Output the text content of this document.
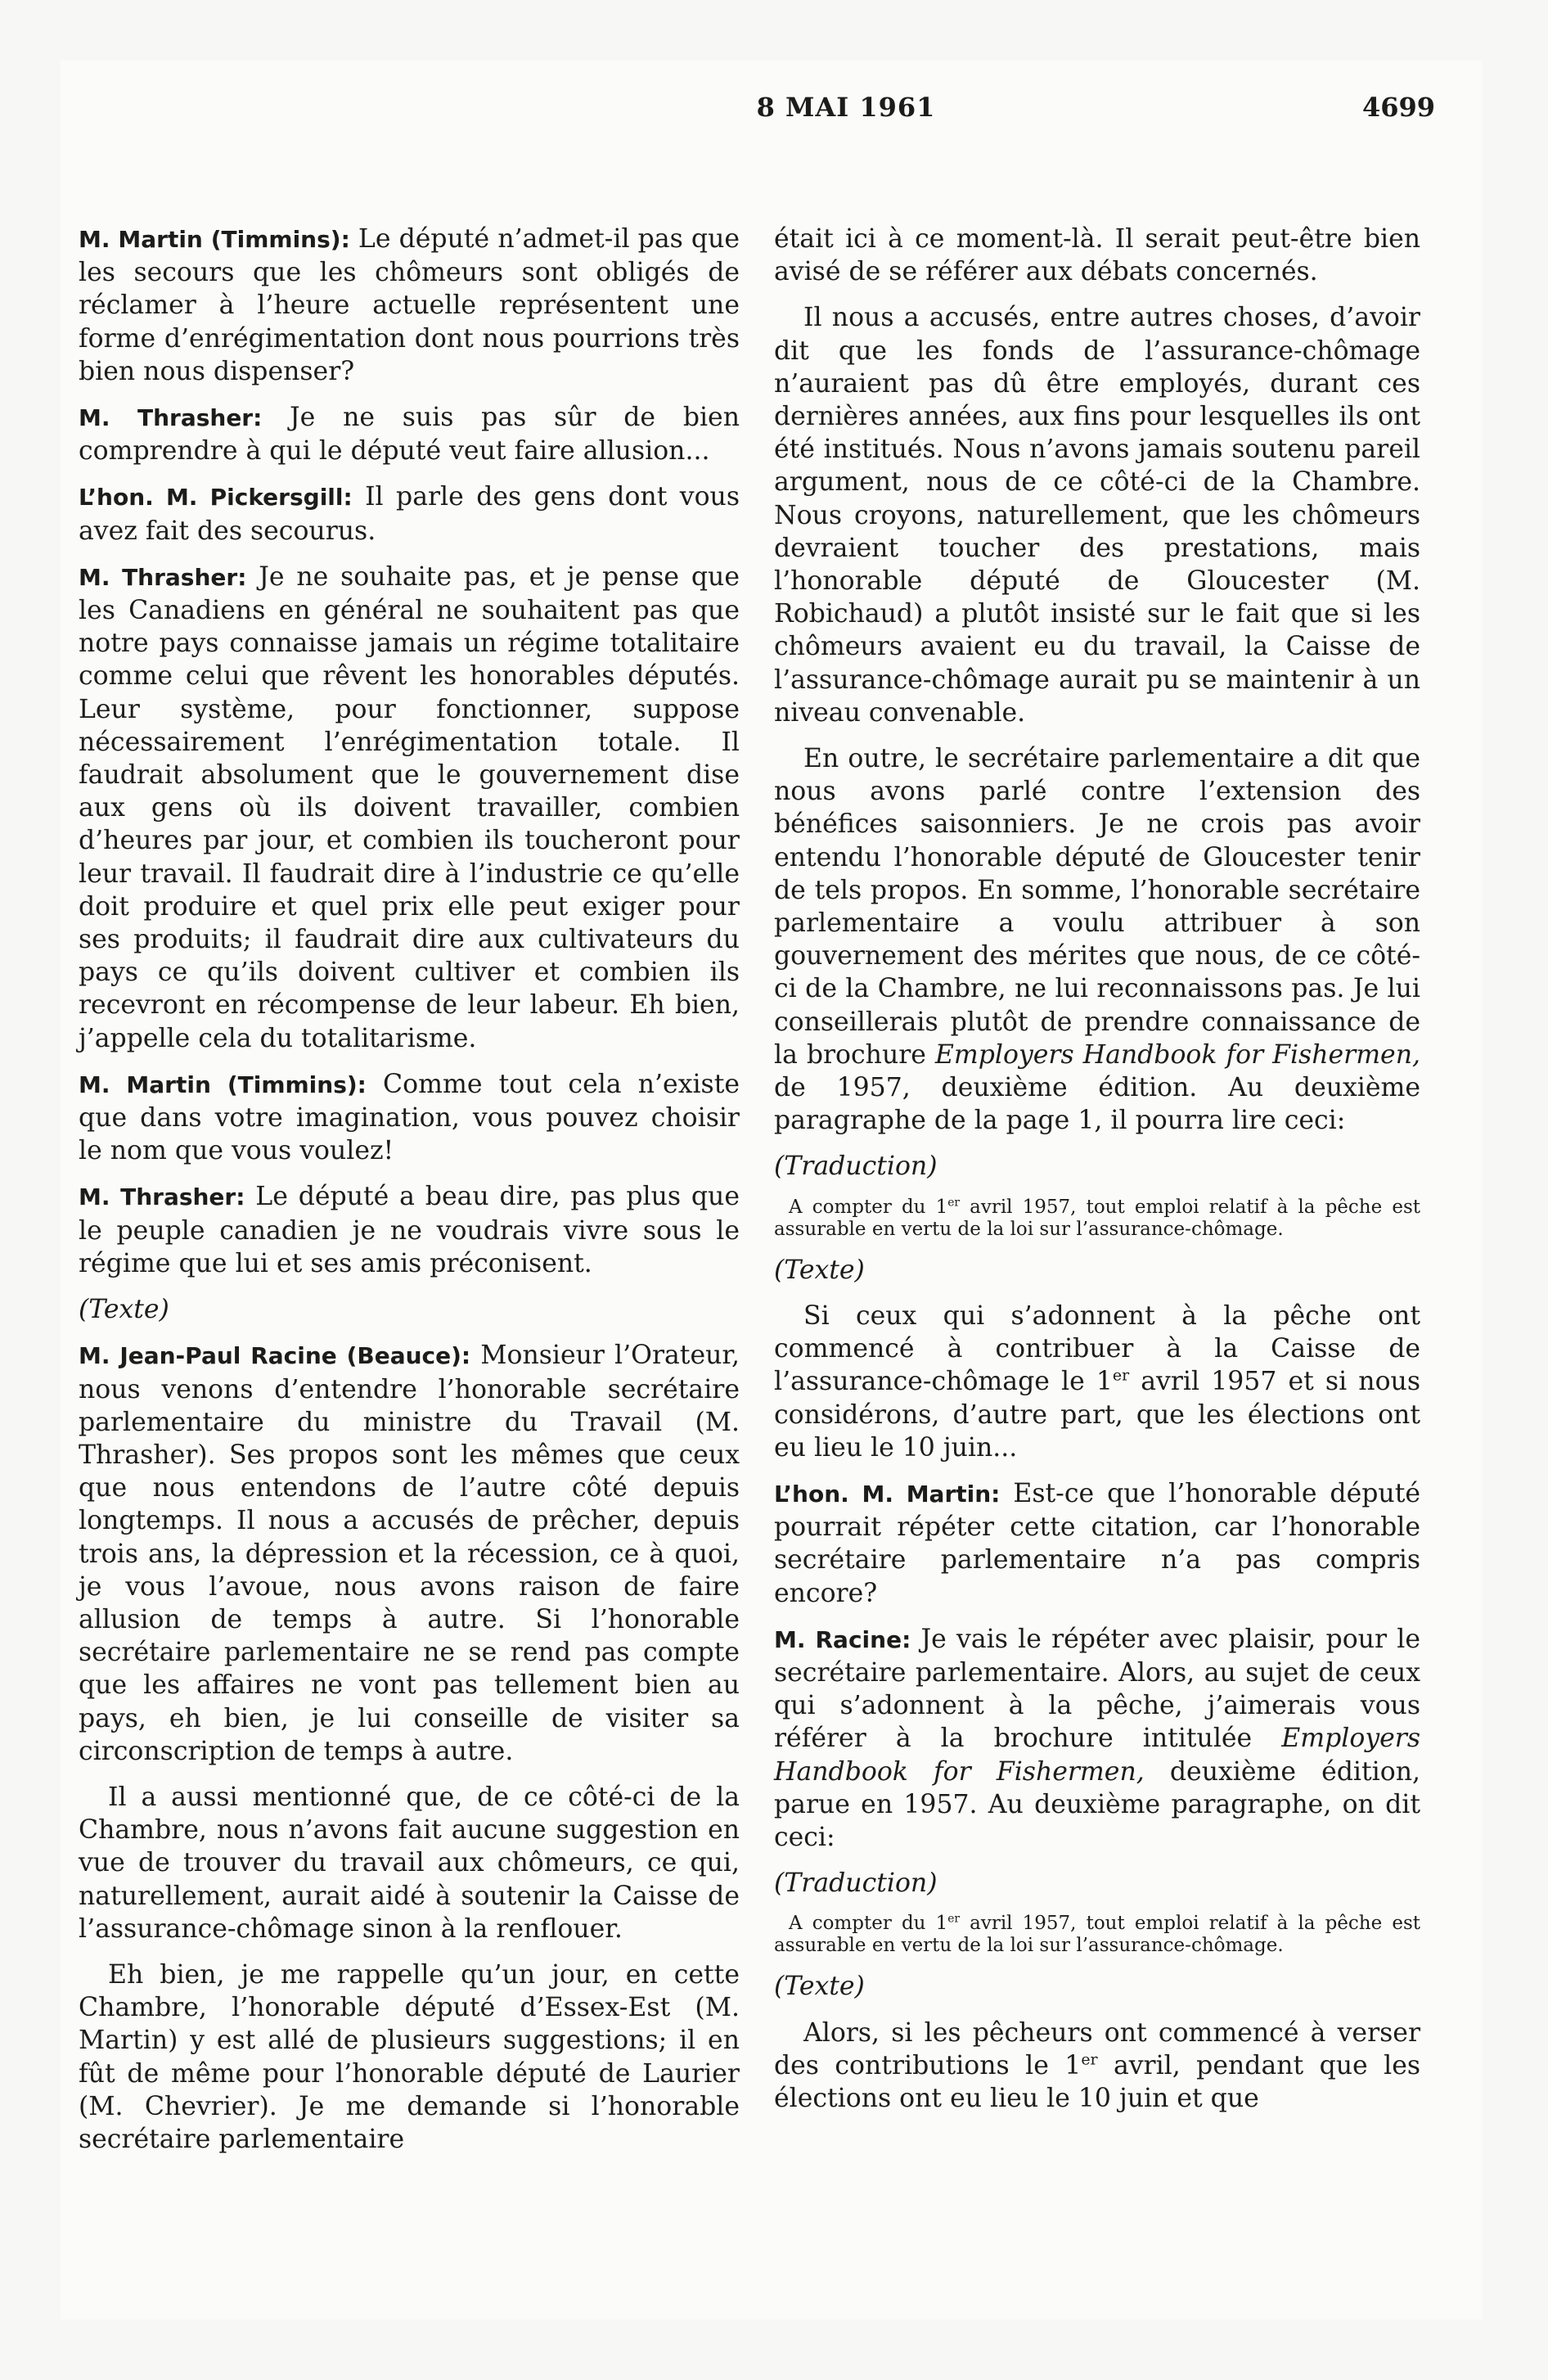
8 MAI 1961	4699

M. Martin (Timmins): Le député n’admet-il pas que les secours que les chômeurs sont obligés de réclamer à l’heure actuelle représentent une forme d’enrégimentation dont nous pourrions très bien nous dispenser?

M. Thrasher: Je ne suis pas sûr de bien comprendre à qui le député veut faire allusion...

L’hon. M. Pickersgill: Il parle des gens dont vous avez fait des secourus.

M. Thrasher: Je ne souhaite pas, et je pense que les Canadiens en général ne souhaitent pas que notre pays connaisse jamais un régime totalitaire comme celui que rêvent les honorables députés. Leur système, pour fonctionner, suppose nécessairement l’enrégimentation totale. Il faudrait absolument que le gouvernement dise aux gens où ils doivent travailler, combien d’heures par jour, et combien ils toucheront pour leur travail. Il faudrait dire à l’industrie ce qu’elle doit produire et quel prix elle peut exiger pour ses produits; il faudrait dire aux cultivateurs du pays ce qu’ils doivent cultiver et combien ils recevront en récompense de leur labeur. Eh bien, j’appelle cela du totalitarisme.

M. Martin (Timmins): Comme tout cela n’existe que dans votre imagination, vous pouvez choisir le nom que vous voulez!

M. Thrasher: Le député a beau dire, pas plus que le peuple canadien je ne voudrais vivre sous le régime que lui et ses amis préconisent.

(Texte)

M. Jean-Paul Racine (Beauce): Monsieur l’Orateur, nous venons d’entendre l’honorable secrétaire parlementaire du ministre du Travail (M. Thrasher). Ses propos sont les mêmes que ceux que nous entendons de l’autre côté depuis longtemps. Il nous a accusés de prêcher, depuis trois ans, la dépression et la récession, ce à quoi, je vous l’avoue, nous avons raison de faire allusion de temps à autre. Si l’honorable secrétaire parlementaire ne se rend pas compte que les affaires ne vont pas tellement bien au pays, eh bien, je lui conseille de visiter sa circonscription de temps à autre.

Il a aussi mentionné que, de ce côté-ci de la Chambre, nous n’avons fait aucune suggestion en vue de trouver du travail aux chômeurs, ce qui, naturellement, aurait aidé à soutenir la Caisse de l’assurance-chômage sinon à la renflouer.

Eh bien, je me rappelle qu’un jour, en cette Chambre, l’honorable député d’Essex-Est (M. Martin) y est allé de plusieurs suggestions; il en fût de même pour l’honorable député de Laurier (M. Chevrier). Je me demande si l’honorable secrétaire parlementaire

était ici à ce moment-là. Il serait peut-être bien avisé de se référer aux débats concernés.

Il nous a accusés, entre autres choses, d’avoir dit que les fonds de l’assurance-chômage n’auraient pas dû être employés, durant ces dernières années, aux fins pour lesquelles ils ont été institués. Nous n’avons jamais soutenu pareil argument, nous de ce côté-ci de la Chambre. Nous croyons, naturellement, que les chômeurs devraient toucher des prestations, mais l’honorable député de Gloucester (M. Robichaud) a plutôt insisté sur le fait que si les chômeurs avaient eu du travail, la Caisse de l’assurance-chômage aurait pu se maintenir à un niveau convenable.

En outre, le secrétaire parlementaire a dit que nous avons parlé contre l’extension des bénéfices saisonniers. Je ne crois pas avoir entendu l’honorable député de Gloucester tenir de tels propos. En somme, l’honorable secrétaire parlementaire a voulu attribuer à son gouvernement des mérites que nous, de ce côté-ci de la Chambre, ne lui reconnaissons pas. Je lui conseillerais plutôt de prendre connaissance de la brochure Employers Handbook for Fishermen, de 1957, deuxième édition. Au deuxième paragraphe de la page 1, il pourra lire ceci:

(Traduction)

A compter du 1er avril 1957, tout emploi relatif à la pêche est assurable en vertu de la loi sur l’assurance-chômage.

(Texte)

Si ceux qui s’adonnent à la pêche ont commencé à contribuer à la Caisse de l’assurance-chômage le 1er avril 1957 et si nous considérons, d’autre part, que les élections ont eu lieu le 10 juin...

L’hon. M. Martin: Est-ce que l’honorable député pourrait répéter cette citation, car l’honorable secrétaire parlementaire n’a pas compris encore?

M. Racine: Je vais le répéter avec plaisir, pour le secrétaire parlementaire. Alors, au sujet de ceux qui s’adonnent à la pêche, j’aimerais vous référer à la brochure intitulée Employers Handbook for Fishermen, deuxième édition, parue en 1957. Au deuxième paragraphe, on dit ceci:

(Traduction)

A compter du 1er avril 1957, tout emploi relatif à la pêche est assurable en vertu de la loi sur l’assurance-chômage.

(Texte)

Alors, si les pêcheurs ont commencé à verser des contributions le 1er avril, pendant que les élections ont eu lieu le 10 juin et que
